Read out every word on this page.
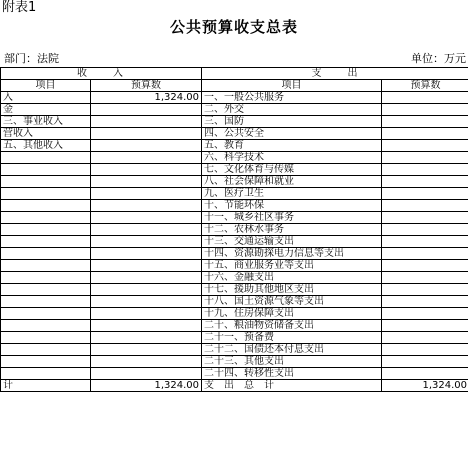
附表1
公共预算收支总表
部门：法院	单位：万元
收　　入		支　　出	
项目	预算数	项目	预算数
入	1,324.00	一、一般公共服务	
金		二、外交	
三、事业收入		三、国防	
营收入		四、公共安全	
五、其他收入		五、教育	
		六、科学技术	
		七、文化体育与传媒	
		八、社会保障和就业	
		九、医疗卫生	
		十、节能环保	
		十一、城乡社区事务	
		十二、农林水事务	
		十三、交通运输支出	
		十四、资源勘探电力信息等支出	
		十五、商业服务业等支出	
		十六、金融支出	
		十七、援助其他地区支出	
		十八、国土资源气象等支出	
		十九、住房保障支出	
		二十、粮油物资储备支出	
		二十一、预备费	
		二十二、国债还本付息支出	
		二十三、其他支出	
		二十四、转移性支出	
计	1,324.00	支　出　总　计	1,324.00
